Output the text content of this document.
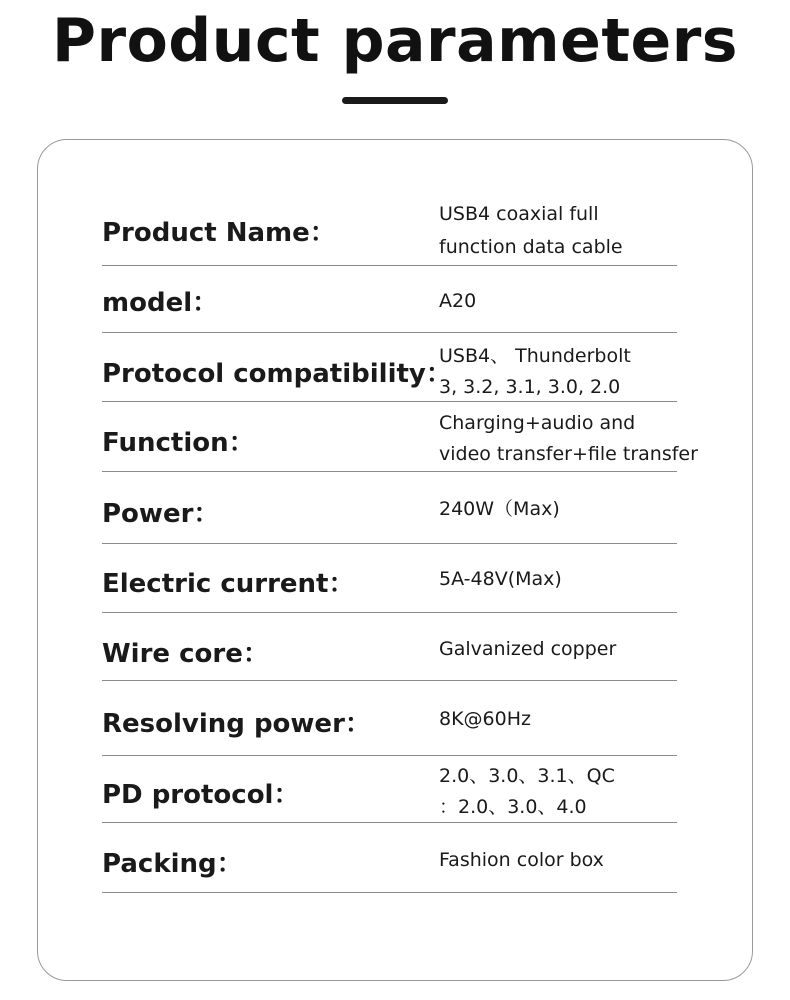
Product parameters
Product Name：
USB4 coaxial full
function data cable
model：	A20
Protocol compatibility：
USB4、 Thunderbolt
3, 3.2, 3.1, 3.0, 2.0
Function：
Charging+audio and
video transfer+file transfer
Power：	240W（Max)
Electric current：	5A-48V(Max)
Wire core：	Galvanized copper
Resolving power：	8K@60Hz
PD protocol：
2.0、3.0、3.1、QC
：2.0、3.0、4.0
Packing：	Fashion color box
